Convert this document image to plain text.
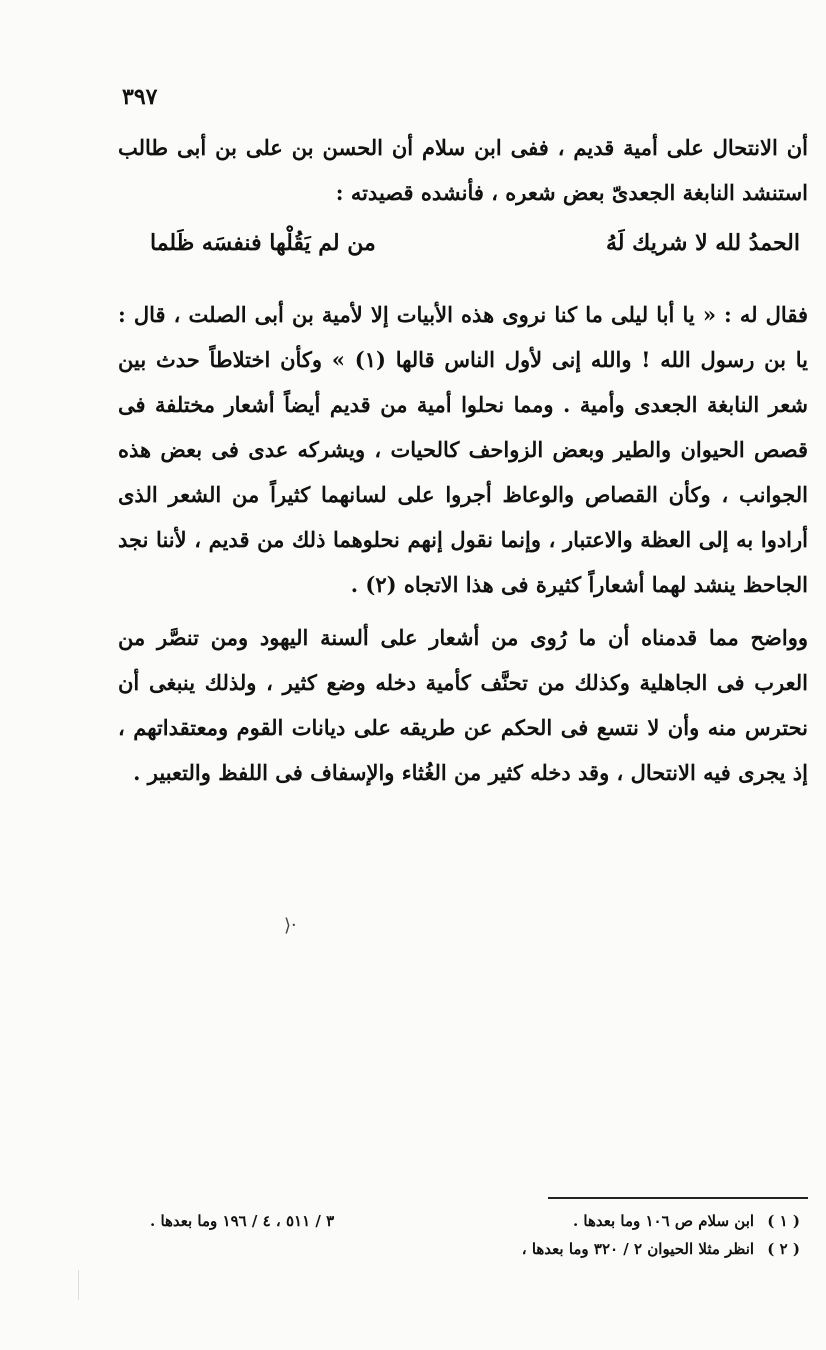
٣٩٧
أن الانتحال على أمية قديم ، ففى ابن سلام أن الحسن بن على بن أبى طالب استنشد النابغة الجعدىّ بعض شعره ، فأنشده قصيدته :
الحمدُ لله لا شريك لَهُ
من لم يَقُلْها فنفسَه ظَلما
فقال له : « يا أبا ليلى ما كنا نروى هذه الأبيات إلا لأمية بن أبى الصلت ، قال : يا بن رسول الله ! والله إنى لأول الناس قالها (١) » وكأن اختلاطاً حدث بين شعر النابغة الجعدى وأمية . ومما نحلوا أمية من قديم أيضاً أشعار مختلفة فى قصص الحيوان والطير وبعض الزواحف كالحيات ، ويشركه عدى فى بعض هذه الجوانب ، وكأن القصاص والوعاظ أجروا على لسانهما كثيراً من الشعر الذى أرادوا به إلى العظة والاعتبار ، وإنما نقول إنهم نحلوهما ذلك من قديم ، لأننا نجد الجاحظ ينشد لهما أشعاراً كثيرة فى هذا الاتجاه (٢) .
وواضح مما قدمناه أن ما رُوى من أشعار على ألسنة اليهود ومن تنصَّر من العرب فى الجاهلية وكذلك من تحنَّف كأمية دخله وضع كثير ، ولذلك ينبغى أن نحترس منه وأن لا نتسع فى الحكم عن طريقه على ديانات القوم ومعتقداتهم ، إذ يجرى فيه الانتحال ، وقد دخله كثير من الغُثاء والإسفاف فى اللفظ والتعبير .
⟩·
( ١ ) ابن سلام ص ١٠٦ وما بعدها .
( ٢ ) انظر مثلا الحيوان ٢ / ٣٢٠ وما بعدها ،
٣ / ٥١١ ، ٤ / ١٩٦ وما بعدها .
